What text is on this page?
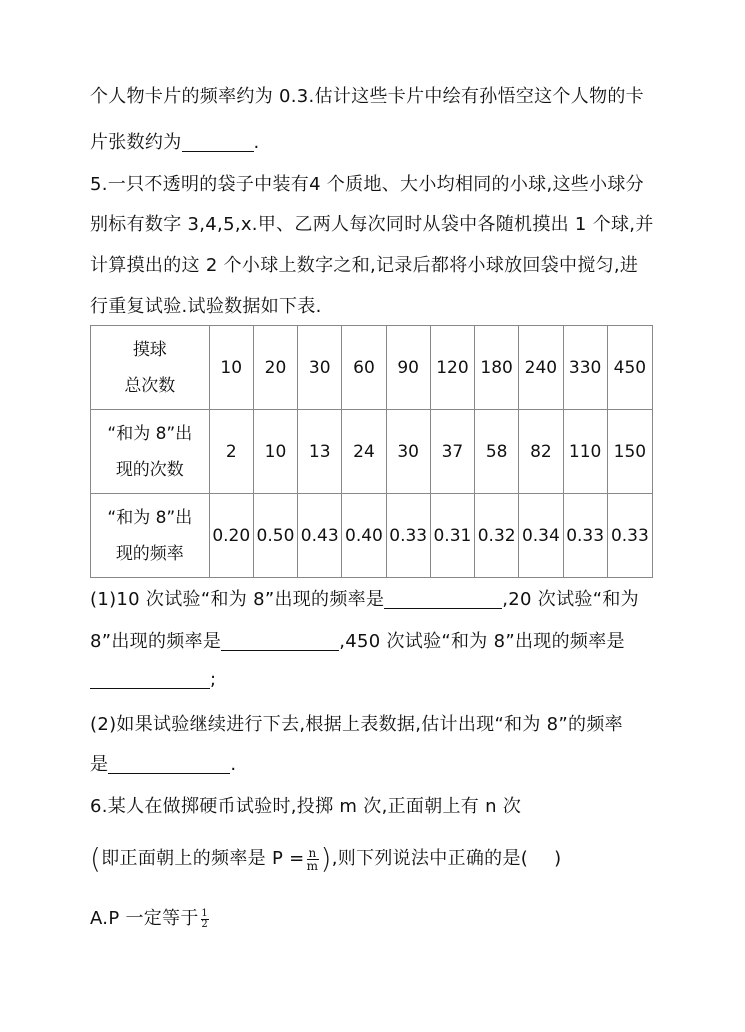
个人物卡片的频率约为 0.3.估计这些卡片中绘有孙悟空这个人物的卡
片张数约为	.
5.一只不透明的袋子中装有4 个质地、大小均相同的小球,这些小球分
别标有数字 3,4,5,x.甲、乙两人每次同时从袋中各随机摸出 1 个球,并
计算摸出的这 2 个小球上数字之和,记录后都将小球放回袋中搅匀,进
行重复试验.试验数据如下表.
摸球
总次数	10	20	30	60	90	120	180	240	330	450

“和为 8”出
现的次数	2	10	13	24	30	37	58	82	110	150

“和为 8”出
现的频率	0.20	0.50	0.43	0.40	0.33	0.31	0.32	0.34	0.33	0.33
(1)10 次试验“和为 8”出现的频率是	,20 次试验“和为
8”出现的频率是	,450 次试验“和为 8”出现的频率是
;
(2)如果试验继续进行下去,根据上表数据,估计出现“和为 8”的频率
是	.
6.某人在做掷硬币试验时,投掷 m 次,正面朝上有 n 次
(即正面朝上的频率是 $P = \frac{n}{m}$ ),则下列说法中正确的是( )
A.P 一定等于 $\frac{1}{2}$
